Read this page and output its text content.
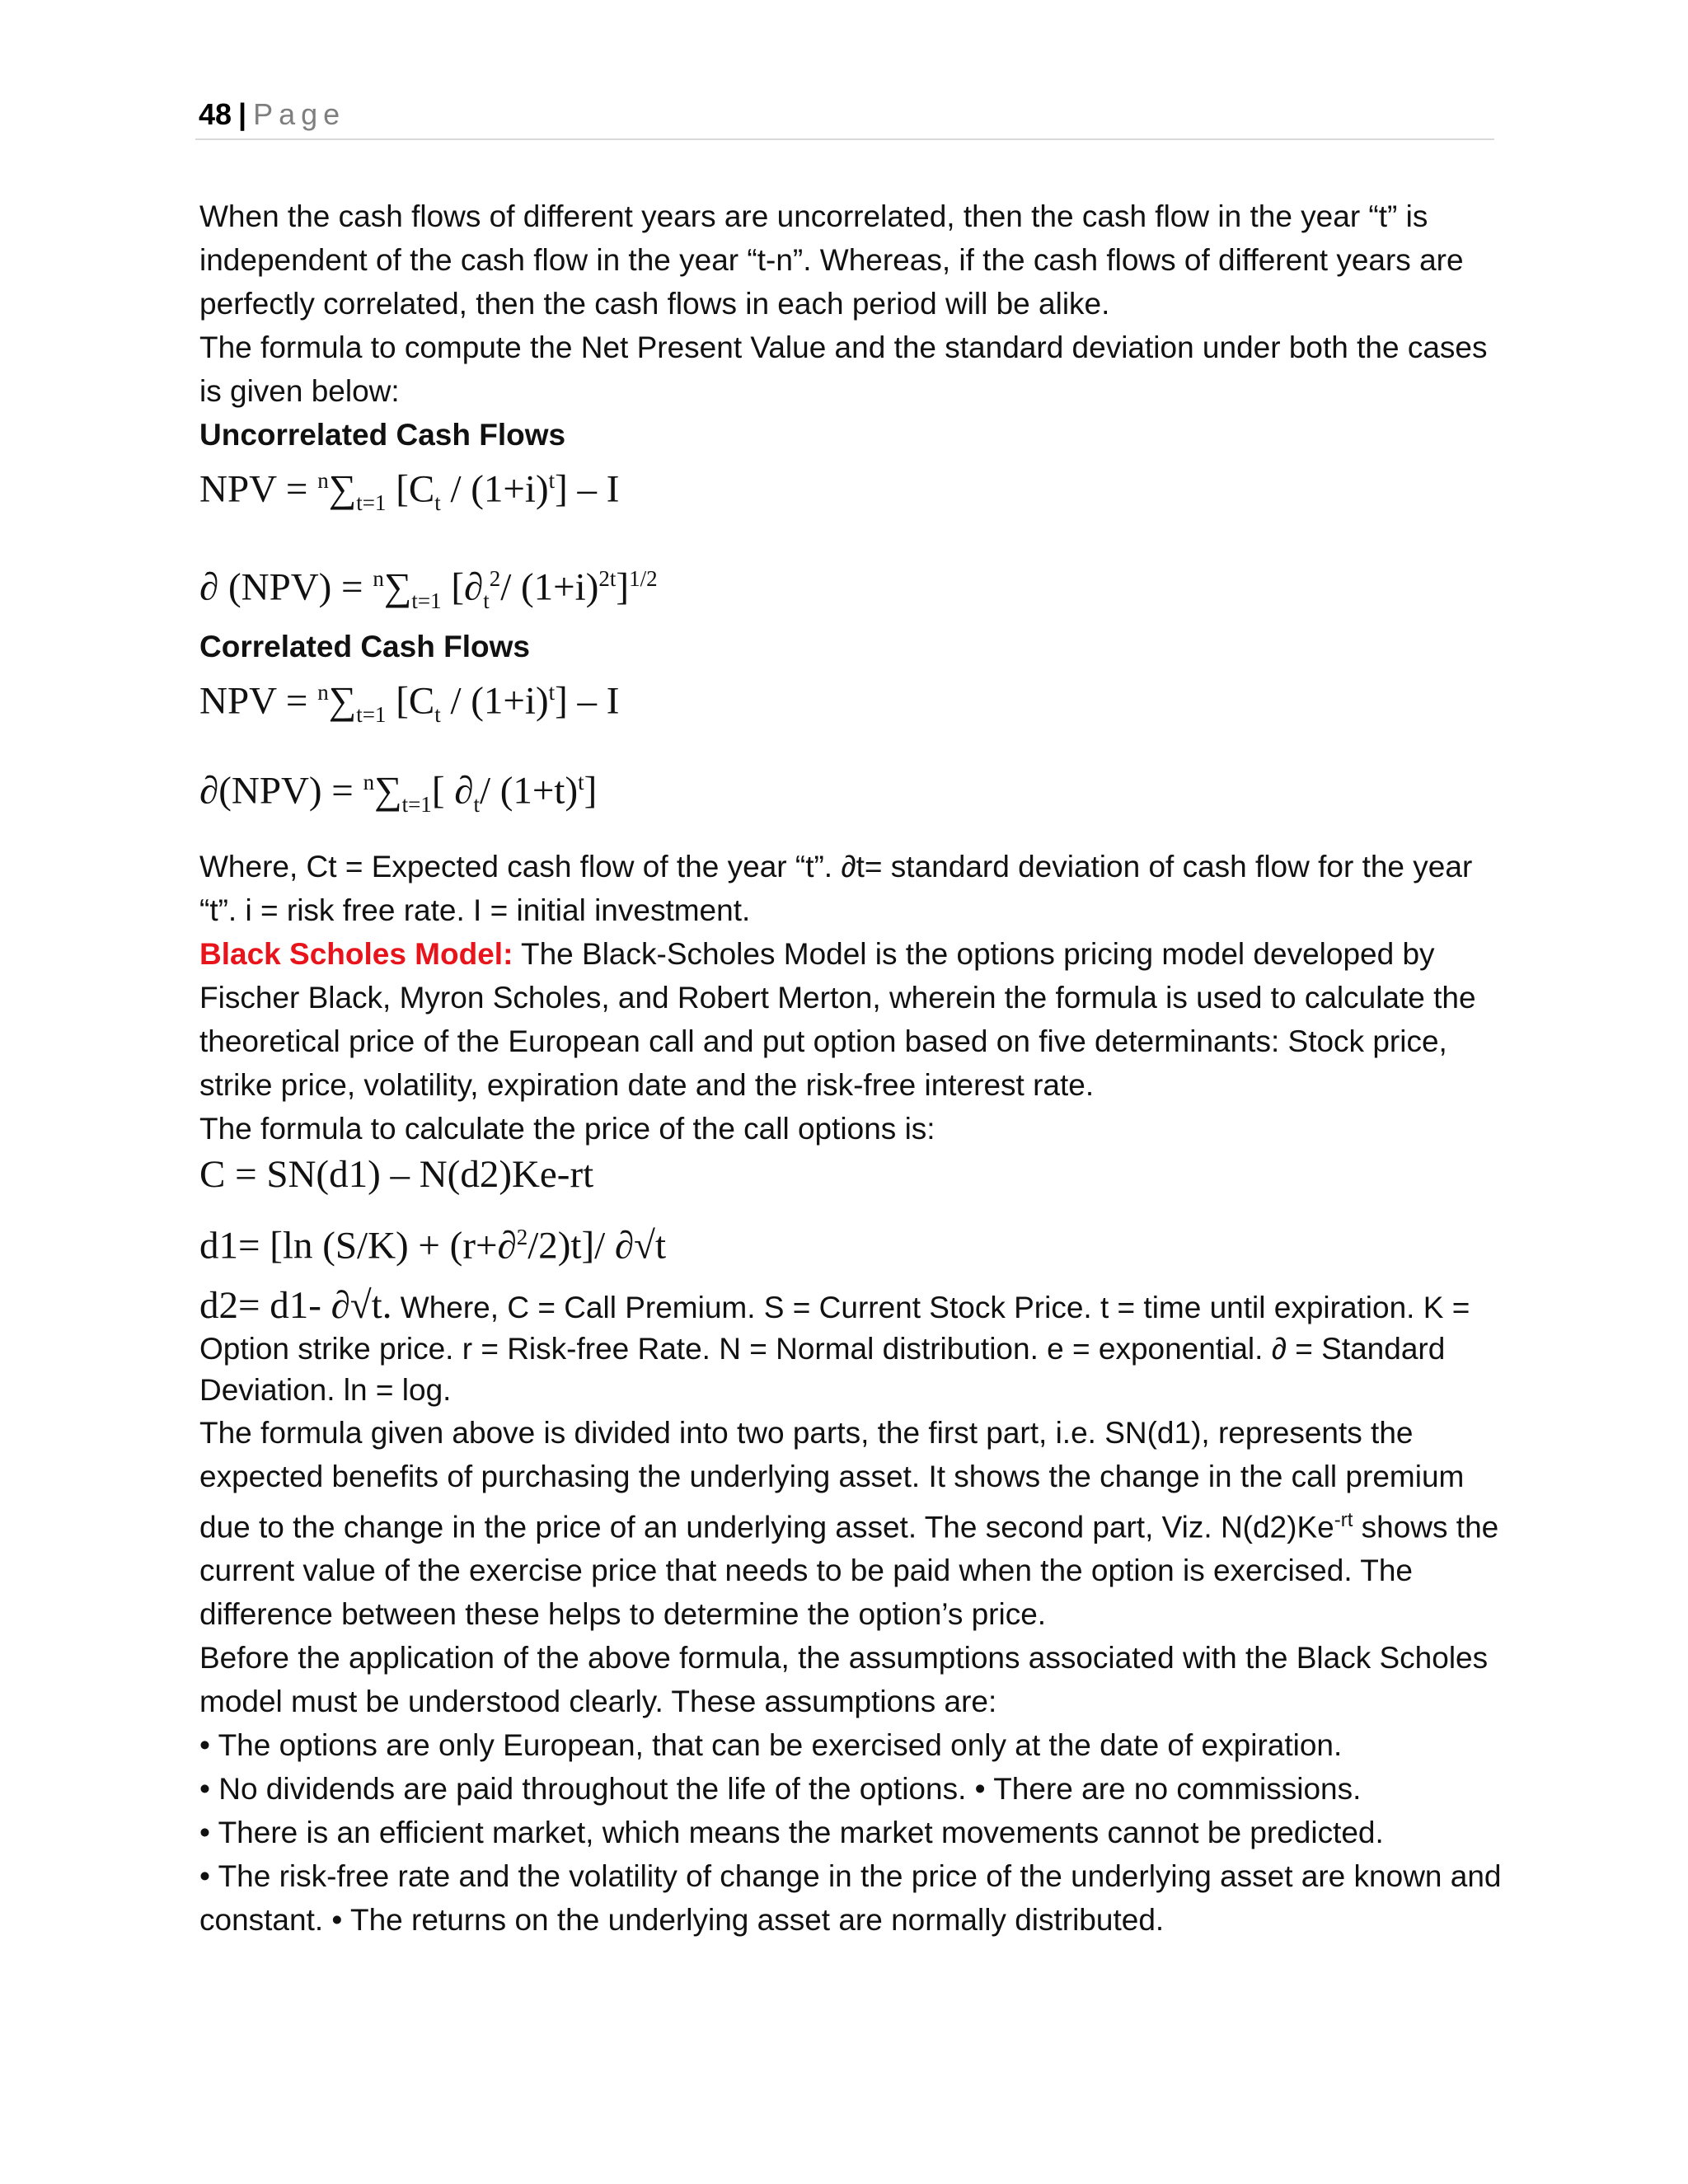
48 | Page
When the cash flows of different years are uncorrelated, then the cash flow in the year “t” is independent of the cash flow in the year “t-n”. Whereas, if the cash flows of different years are perfectly correlated, then the cash flows in each period will be alike.
The formula to compute the Net Present Value and the standard deviation under both the cases is given below:
Uncorrelated Cash Flows
NPV = $^n\sum_{t=1}$ $[C_t / (1+i)^t] - I$
∂ $(NPV) = ^n\sum_{t=1}$ [$\partial_t^2/$ $(1+i)^{2t}]^{1/2}$
Correlated Cash Flows
NPV = $^n\sum_{t=1}$ $[C_t / (1+i)^t] - I$
$\partial(NPV) = ^n\sum_{t=1}$[ $\partial_t/$ $(1+t)^t$]
Where, Ct = Expected cash flow of the year “t”. ∂t= standard deviation of cash flow for the year “t”. i = risk free rate. I = initial investment.
Black Scholes Model: The Black-Scholes Model is the options pricing model developed by Fischer Black, Myron Scholes, and Robert Merton, wherein the formula is used to calculate the theoretical price of the European call and put option based on five determinants: Stock price, strike price, volatility, expiration date and the risk-free interest rate.
The formula to calculate the price of the call options is:
C = SN(d1) – N(d2)Ke-rt
d1= [ln (S/K) + (r+∂$^2$/2)t]/ ∂√t
d2= d1- ∂√t. Where, C = Call Premium. S = Current Stock Price. t = time until expiration. K = Option strike price. r = Risk-free Rate. N = Normal distribution. e = exponential. ∂ = Standard Deviation. ln = log.
The formula given above is divided into two parts, the first part, i.e. SN(d1), represents the expected benefits of purchasing the underlying asset. It shows the change in the call premium due to the change in the price of an underlying asset. The second part, Viz. $N(d2)Ke^{-rt}$ shows the current value of the exercise price that needs to be paid when the option is exercised. The difference between these helps to determine the option’s price.
Before the application of the above formula, the assumptions associated with the Black Scholes model must be understood clearly. These assumptions are:
• The options are only European, that can be exercised only at the date of expiration.
• No dividends are paid throughout the life of the options. • There are no commissions.
• There is an efficient market, which means the market movements cannot be predicted.
• The risk-free rate and the volatility of change in the price of the underlying asset are known and constant. • The returns on the underlying asset are normally distributed.
